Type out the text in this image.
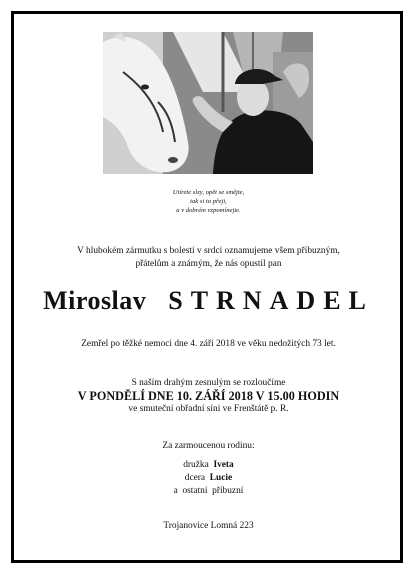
Utírete slzy, opět se smějte,
tak si to přeji,
a v dobrém vzpomínejte.
V hlubokém zármutku s bolestí v srdci oznamujeme všem příbuzným,
přátelům a známým, že nás opustil pan
Miroslav STRNADEL
Zemřel po těžké nemoci dne 4. září 2018 ve věku nedožitých 73 let.
S naším drahým zesnulým se rozloučíme
V PONDĚLÍ DNE 10. ZÁŘÍ 2018 V 15.00 HODIN
ve smuteční obřadní síni ve Frenštátě p. R.
Za zarmoucenou rodinu:
družka Iveta
dcera Lucie
a  ostatní příbuzní
Trojanovice Lomná 223
